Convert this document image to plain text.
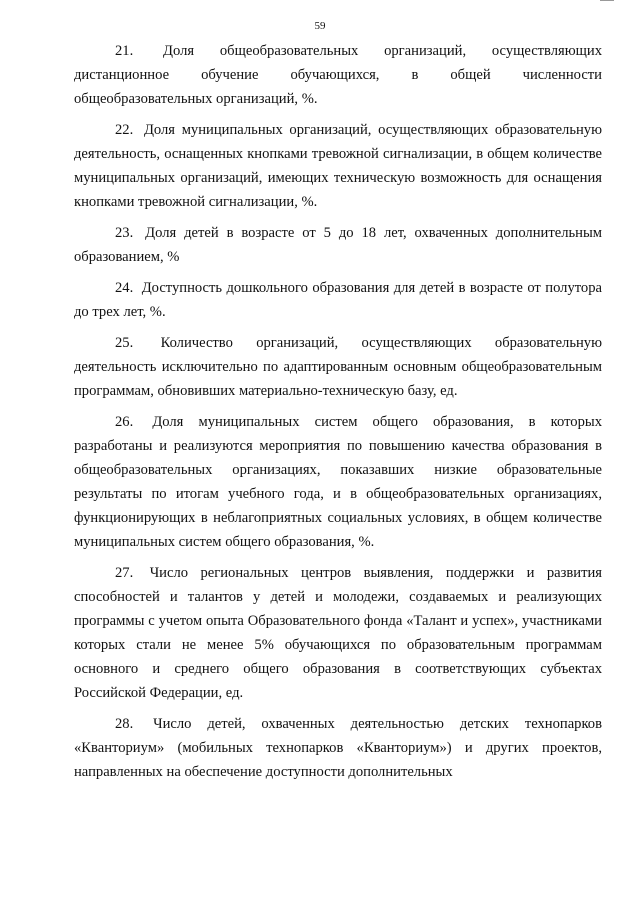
59

21. Доля общеобразовательных организаций, осуществляющих дистанционное обучение обучающихся, в общей численности общеобразовательных организаций, %.

22. Доля муниципальных организаций, осуществляющих образовательную деятельность, оснащенных кнопками тревожной сигнализации, в общем количестве муниципальных организаций, имеющих техническую возможность для оснащения кнопками тревожной сигнализации, %.

23. Доля детей в возрасте от 5 до 18 лет, охваченных дополнительным образованием, %

24. Доступность дошкольного образования для детей в возрасте от полутора до трех лет, %.

25. Количество организаций, осуществляющих образовательную деятельность исключительно по адаптированным основным общеобразовательным программам, обновивших материально-техническую базу, ед.

26. Доля муниципальных систем общего образования, в которых разработаны и реализуются мероприятия по повышению качества образования в общеобразовательных организациях, показавших низкие образовательные результаты по итогам учебного года, и в общеобразовательных организациях, функционирующих в неблагоприятных социальных условиях, в общем количестве муниципальных систем общего образования, %.

27. Число региональных центров выявления, поддержки и развития способностей и талантов у детей и молодежи, создаваемых и реализующих программы с учетом опыта Образовательного фонда «Талант и успех», участниками которых стали не менее 5% обучающихся по образовательным программам основного и среднего общего образования в соответствующих субъектах Российской Федерации, ед.

28. Число детей, охваченных деятельностью детских технопарков «Кванториум» (мобильных технопарков «Кванториум») и других проектов, направленных на обеспечение доступности дополнительных
